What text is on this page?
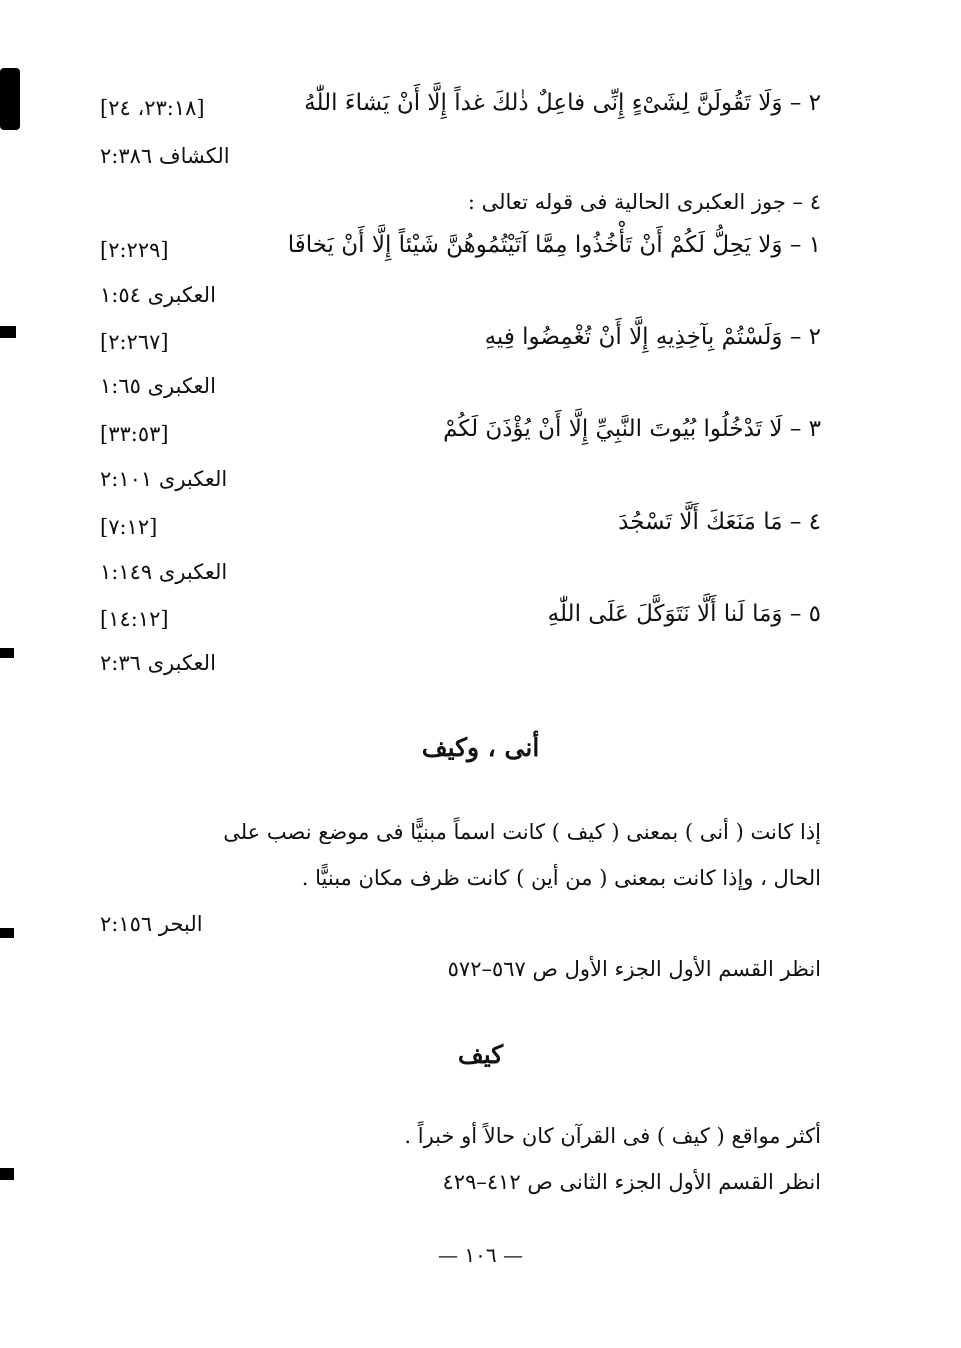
٢ – وَلَا تَقُولَنَّ لِشَىْءٍ إِنِّى فاعِلٌ ذٰلكَ غداً إِلَّا أَنْ يَشاءَ اللّٰهُ
[٢٣:١٨، ٢٤]
الكشاف ٢:٣٨٦
٤ – جوز العكبرى الحالية فى قوله تعالى :
١ – وَلا يَحِلُّ لَكُمْ أَنْ تَأْخُذُوا مِمَّا آتَيْتُمُوهُنَّ شَيْئاً إِلَّا أَنْ يَخافَا
[٢:٢٢٩]
العكبرى ١:٥٤
٢ – وَلَسْتُمْ بِآخِذِيهِ إِلَّا أَنْ تُغْمِضُوا فِيهِ
[٢:٢٦٧]
العكبرى ١:٦٥
٣ – لَا تَدْخُلُوا بُيُوتَ النَّبِيِّ إِلَّا أَنْ يُؤْذَنَ لَكُمْ
[٣٣:٥٣]
العكبرى ٢:١٠١
٤ – مَا مَنَعَكَ أَلَّا تَسْجُدَ
[٧:١٢]
العكبرى ١:١٤٩
٥ – وَمَا لَنا أَلَّا نَتَوَكَّلَ عَلَى اللّٰهِ
[١٤:١٢]
العكبرى ٢:٣٦
أنى ، وكيف
إذا كانت ( أنى ) بمعنى ( كيف ) كانت اسماً مبنيًّا فى موضع نصب على
الحال ، وإذا كانت بمعنى ( من أين ) كانت ظرف مكان مبنيًّا .
البحر ٢:١٥٦
انظر القسم الأول الجزء الأول ص ٥٦٧–٥٧٢
كيف
أكثر مواقع ( كيف ) فى القرآن كان حالاً أو خبراً .
انظر القسم الأول الجزء الثانى ص ٤١٢–٤٢٩
— ١٠٦ —
